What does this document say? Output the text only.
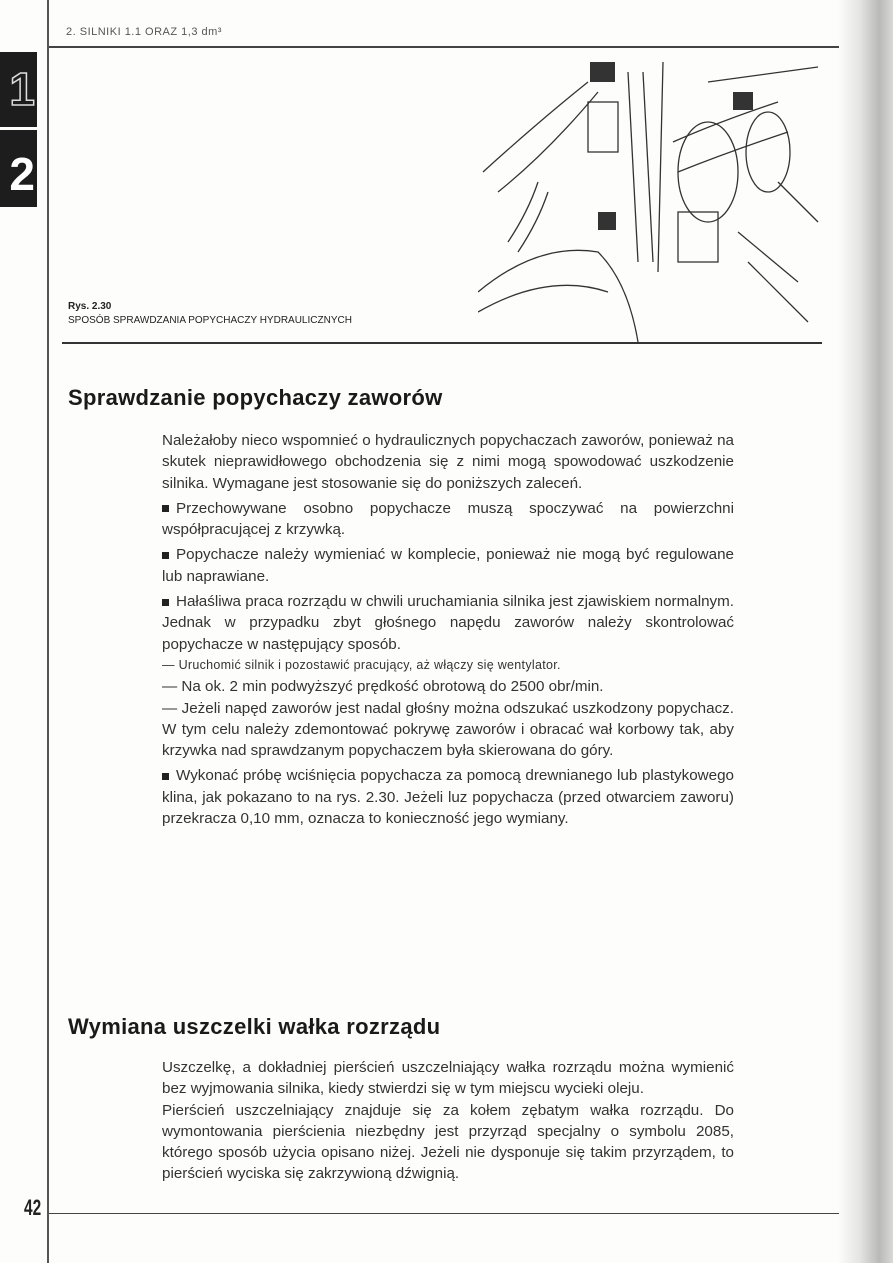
1
2
2. SILNIKI 1.1 ORAZ 1,3 dm³
Rys. 2.30
SPOSÓB SPRAWDZANIA POPYCHACZY HYDRAULICZNYCH
Sprawdzanie popychaczy zaworów

Należałoby nieco wspomnieć o hydraulicznych popychaczach zaworów, ponieważ na skutek nieprawidłowego obchodzenia się z nimi mogą spowodować uszkodzenie silnika. Wymagane jest stosowanie się do poniższych zaleceń.

Przechowywane osobno popychacze muszą spoczywać na powierzchni współpracującej z krzywką.

Popychacze należy wymieniać w komplecie, ponieważ nie mogą być regulowane lub naprawiane.

Hałaśliwa praca rozrządu w chwili uruchamiania silnika jest zjawiskiem normalnym. Jednak w przypadku zbyt głośnego napędu zaworów należy skontrolować popychacze w następujący sposób.

— Uruchomić silnik i pozostawić pracujący, aż włączy się wentylator.

— Na ok. 2 min podwyższyć prędkość obrotową do 2500 obr/min.

— Jeżeli napęd zaworów jest nadal głośny można odszukać uszkodzony popychacz. W tym celu należy zdemontować pokrywę zaworów i obracać wał korbowy tak, aby krzywka nad sprawdzanym popychaczem była skierowana do góry.

Wykonać próbę wciśnięcia popychacza za pomocą drewnianego lub plastykowego klina, jak pokazano to na rys. 2.30. Jeżeli luz popychacza (przed otwarciem zaworu) przekracza 0,10 mm, oznacza to konieczność jego wymiany.

Wymiana uszczelki wałka rozrządu

Uszczelkę, a dokładniej pierścień uszczelniający wałka rozrządu można wymienić bez wyjmowania silnika, kiedy stwierdzi się w tym miejscu wycieki oleju.

Pierścień uszczelniający znajduje się za kołem zębatym wałka rozrządu. Do wymontowania pierścienia niezbędny jest przyrząd specjalny o symbolu 2085, którego sposób użycia opisano niżej. Jeżeli nie dysponuje się takim przyrządem, to pierścień wyciska się zakrzywioną dźwignią.

42
